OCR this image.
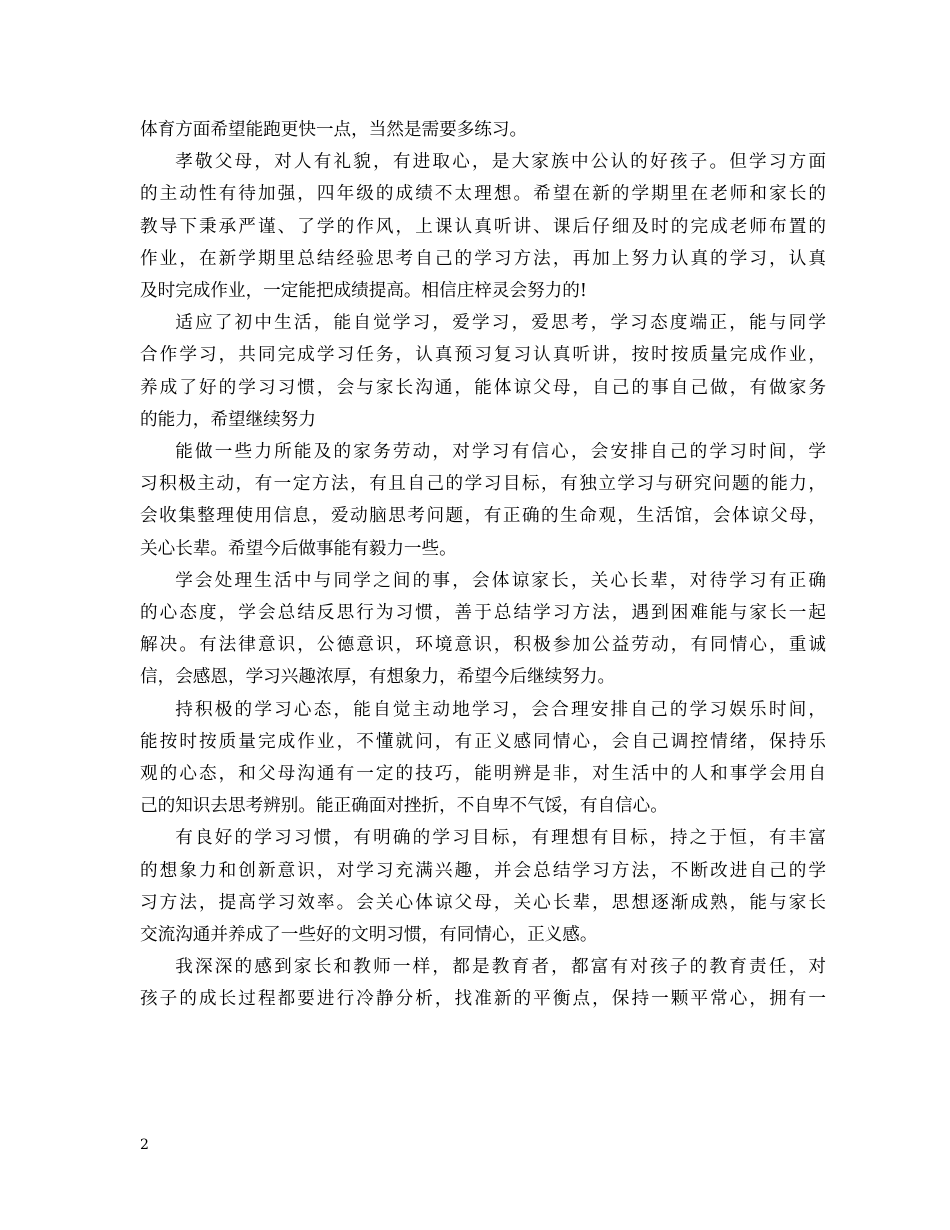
体育方面希望能跑更快一点，当然是需要多练习。
孝敬父母，对人有礼貌，有进取心，是大家族中公认的好孩子。但学习方面
的主动性有待加强，四年级的成绩不太理想。希望在新的学期里在老师和家长的
教导下秉承严谨、了学的作风，上课认真听讲、课后仔细及时的完成老师布置的
作业，在新学期里总结经验思考自己的学习方法，再加上努力认真的学习，认真
及时完成作业，一定能把成绩提高。相信庄梓灵会努力的!
适应了初中生活，能自觉学习，爱学习，爱思考，学习态度端正，能与同学
合作学习，共同完成学习任务，认真预习复习认真听讲，按时按质量完成作业，
养成了好的学习习惯，会与家长沟通，能体谅父母，自己的事自己做，有做家务
的能力，希望继续努力
能做一些力所能及的家务劳动，对学习有信心，会安排自己的学习时间，学
习积极主动，有一定方法，有且自己的学习目标，有独立学习与研究问题的能力，
会收集整理使用信息，爱动脑思考问题，有正确的生命观，生活馆，会体谅父母，
关心长辈。希望今后做事能有毅力一些。
学会处理生活中与同学之间的事，会体谅家长，关心长辈，对待学习有正确
的心态度，学会总结反思行为习惯，善于总结学习方法，遇到困难能与家长一起
解决。有法律意识，公德意识，环境意识，积极参加公益劳动，有同情心，重诚
信，会感恩，学习兴趣浓厚，有想象力，希望今后继续努力。
持积极的学习心态，能自觉主动地学习，会合理安排自己的学习娱乐时间，
能按时按质量完成作业，不懂就问，有正义感同情心，会自己调控情绪，保持乐
观的心态，和父母沟通有一定的技巧，能明辨是非，对生活中的人和事学会用自
己的知识去思考辨别。能正确面对挫折，不自卑不气馁，有自信心。
有良好的学习习惯，有明确的学习目标，有理想有目标，持之于恒，有丰富
的想象力和创新意识，对学习充满兴趣，并会总结学习方法，不断改进自己的学
习方法，提高学习效率。会关心体谅父母，关心长辈，思想逐渐成熟，能与家长
交流沟通并养成了一些好的文明习惯，有同情心，正义感。
我深深的感到家长和教师一样，都是教育者，都富有对孩子的教育责任，对
孩子的成长过程都要进行冷静分析，找准新的平衡点，保持一颗平常心，拥有一
2
